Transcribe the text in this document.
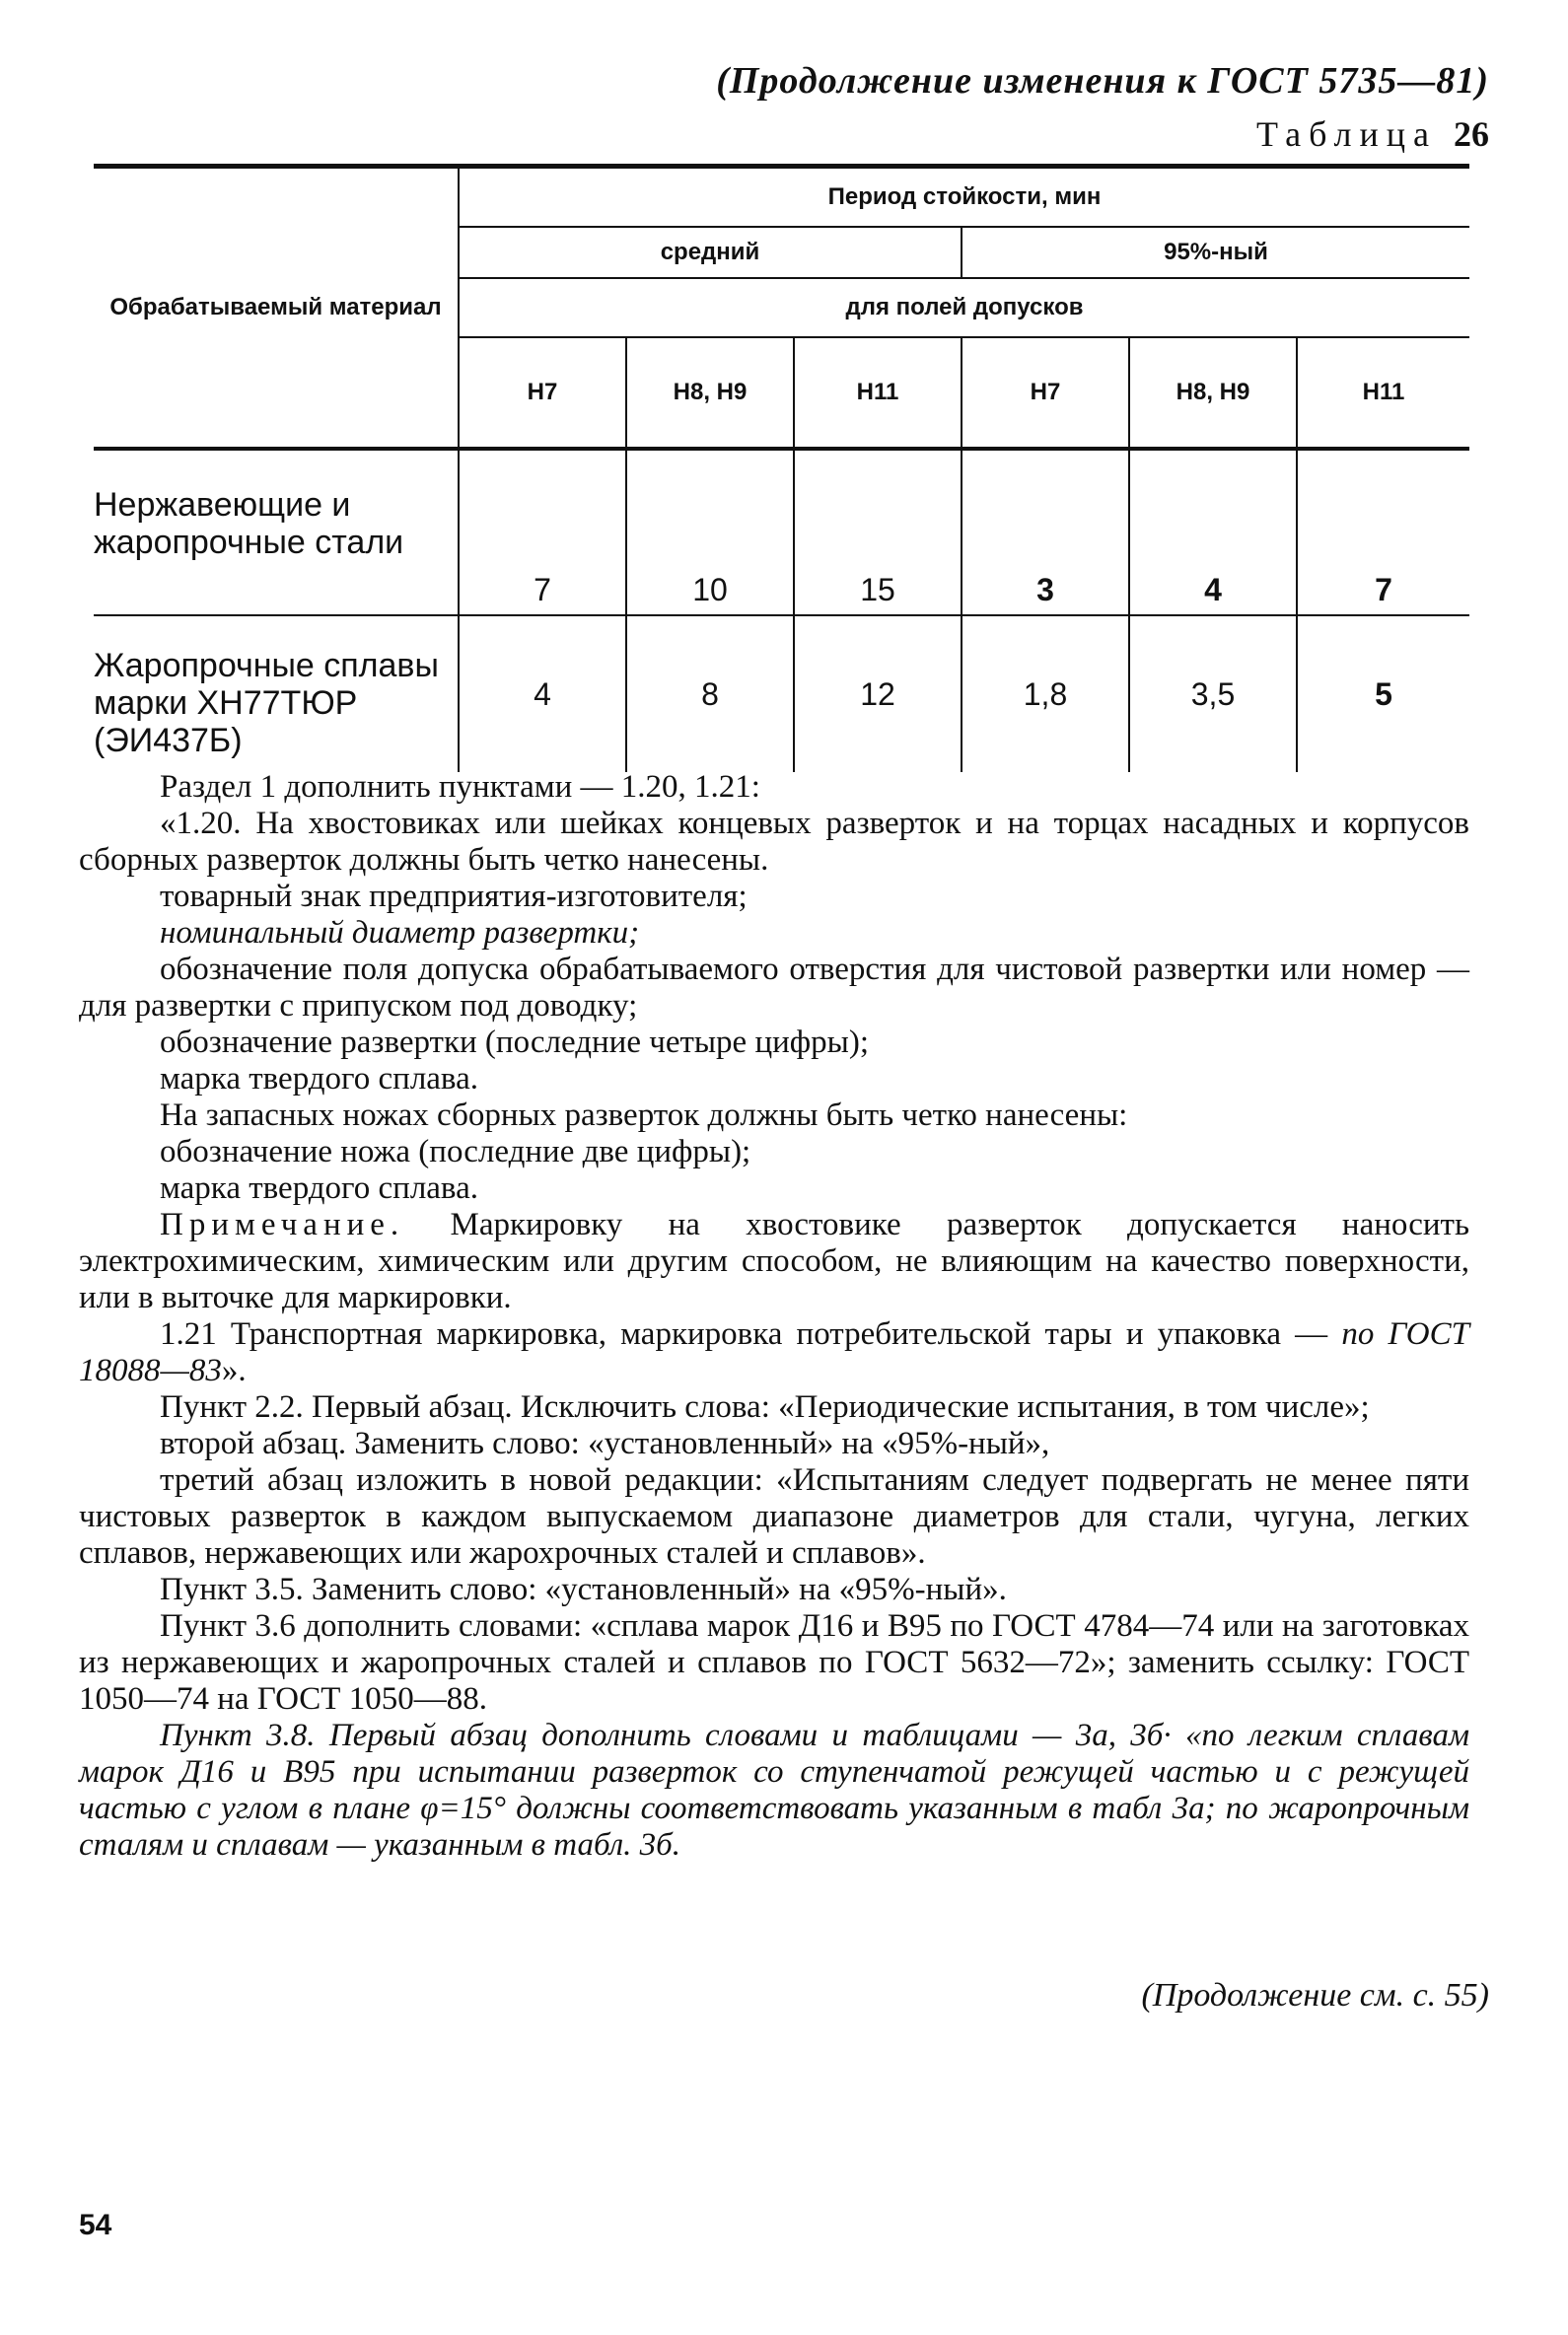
(Продолжение изменения к ГОСТ 5735—81)
Таблица 26
Обрабатываемый материал	Период стойкости, мин					
	средний			95%-ный		
	для полей допусков					
	H7	H8, H9	H11	H7	H8, H9	H11
Нержавеющие и жаропрочные стали	7	10	15	3	4	7
Жаропрочные сплавы марки ХН77ТЮР (ЭИ437Б)	4	8	12	1,8	3,5	5

Раздел 1 дополнить пунктами — 1.20, 1.21:

«1.20. На хвостовиках или шейках концевых разверток и на торцах насадных и корпусов сборных разверток должны быть четко нанесены.

товарный знак предприятия-изготовителя;

номинальный диаметр развертки;

обозначение поля допуска обрабатываемого отверстия для чистовой развертки или номер — для развертки с припуском под доводку;

обозначение развертки (последние четыре цифры);

марка твердого сплава.

На запасных ножах сборных разверток должны быть четко нанесены:

обозначение ножа (последние две цифры);

марка твердого сплава.

Примечание. Маркировку на хвостовике разверток допускается наносить электрохимическим, химическим или другим способом, не влияющим на качество поверхности, или в выточке для маркировки.

1.21 Транспортная маркировка, маркировка потребительской тары и упаковка — по ГОСТ 18088—83».

Пункт 2.2. Первый абзац. Исключить слова: «Периодические испытания, в том числе»;

второй абзац. Заменить слово: «установленный» на «95%-ный»,

третий абзац изложить в новой редакции: «Испытаниям следует подвергать не менее пяти чистовых разверток в каждом выпускаемом диапазоне диаметров для стали, чугуна, легких сплавов, нержавеющих или жарохрочных сталей и сплавов».

Пункт 3.5. Заменить слово: «установленный» на «95%-ный».

Пункт 3.6 дополнить словами: «сплава марок Д16 и В95 по ГОСТ 4784—74 или на заготовках из нержавеющих и жаропрочных сталей и сплавов по ГОСТ 5632—72»; заменить ссылку: ГОСТ 1050—74 на ГОСТ 1050—88.

Пункт 3.8. Первый абзац дополнить словами и таблицами — 3а, 3б· «по легким сплавам марок Д16 и В95 при испытании разверток со ступенчатой режущей частью и с режущей частью с углом в плане φ=15° должны соответствовать указанным в табл 3а; по жаропрочным сталям и сплавам — указанным в табл. 3б.

(Продолжение см. с. 55)
54
